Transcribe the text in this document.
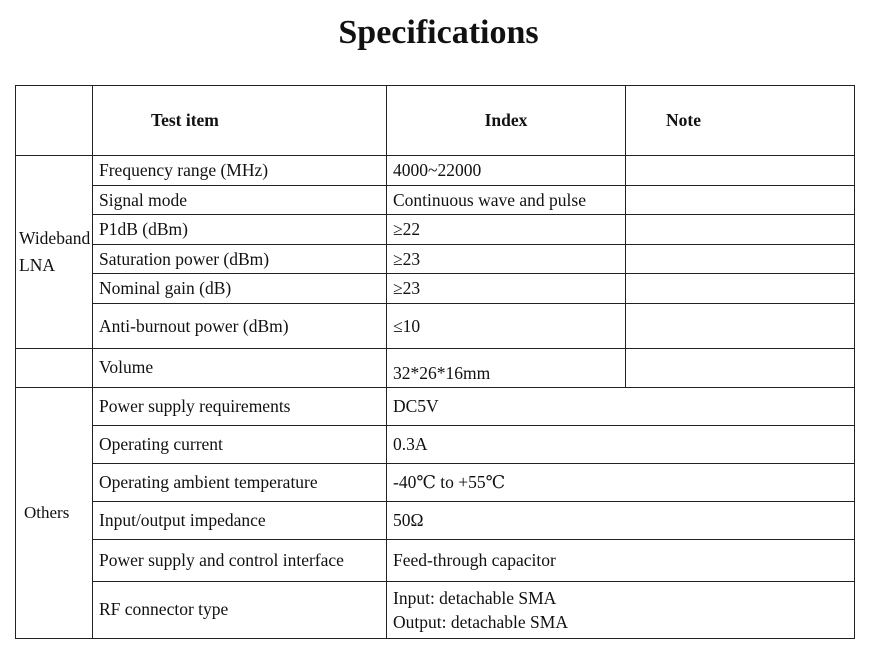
Specifications
	Test item	Index	Note
Wideband
LNA	Frequency range (MHz)	4000~22000	
	Signal mode	Continuous wave and pulse	
	P1dB (dBm)	≥22	
	Saturation power (dBm)	≥23	
	Nominal gain (dB)	≥23	
	Anti-burnout power (dBm)	≤10	
	Volume	32*26*16mm	
Others	Power supply requirements	DC5V	
	Operating current	0.3A	
	Operating ambient temperature	-40℃ to +55℃	
	Input/output impedance	50Ω	
	Power supply and control interface	Feed-through capacitor	
	RF connector type	Input: detachable SMA
Output: detachable SMA	
